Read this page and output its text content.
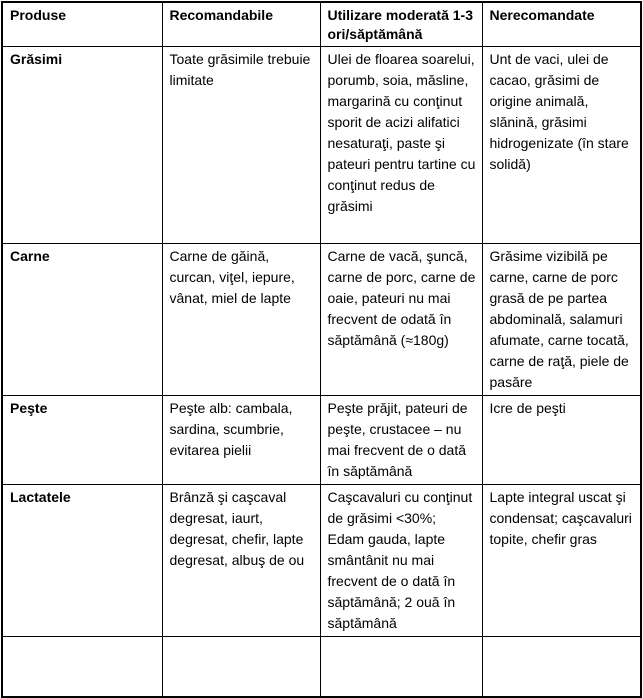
Produse	Recomandabile	Utilizare moderată 1-3 ori/săptămână	Nerecomandate
Grăsimi	Toate grăsimile trebuie limitate	Ulei de floarea soarelui, porumb, soia, măsline, margarină cu conţinut sporit de acizi alifatici nesaturaţi, paste şi pateuri pentru tartine cu conţinut redus de grăsimi	Unt de vaci, ulei de cacao, grăsimi de origine animală, slănină, grăsimi hidrogenizate (în stare solidă)
Carne	Carne de găină, curcan, viţel, iepure, vânat, miel de lapte	Carne de vacă, şuncă, carne de porc, carne de oaie, pateuri nu mai frecvent de odată în săptămână (≈180g)	Grăsime vizibilă pe carne, carne de porc grasă de pe partea abdominală, salamuri afumate, carne tocată, carne de raţă, piele de pasăre
Peşte	Peşte alb: cambala, sardina, scumbrie, evitarea pielii	Peşte prăjit, pateuri de peşte, crustacee – nu mai frecvent de o dată în săptămână	Icre de peşti
Lactatele	Brânză şi caşcaval degresat, iaurt, degresat, chefir, lapte degresat, albuş de ou	Caşcavaluri cu conţinut de grăsimi <30%; Edam gauda, lapte smântânit nu mai frecvent de o dată în săptămână; 2 ouă în săptămână	Lapte integral uscat şi condensat; caşcavaluri topite, chefir gras
